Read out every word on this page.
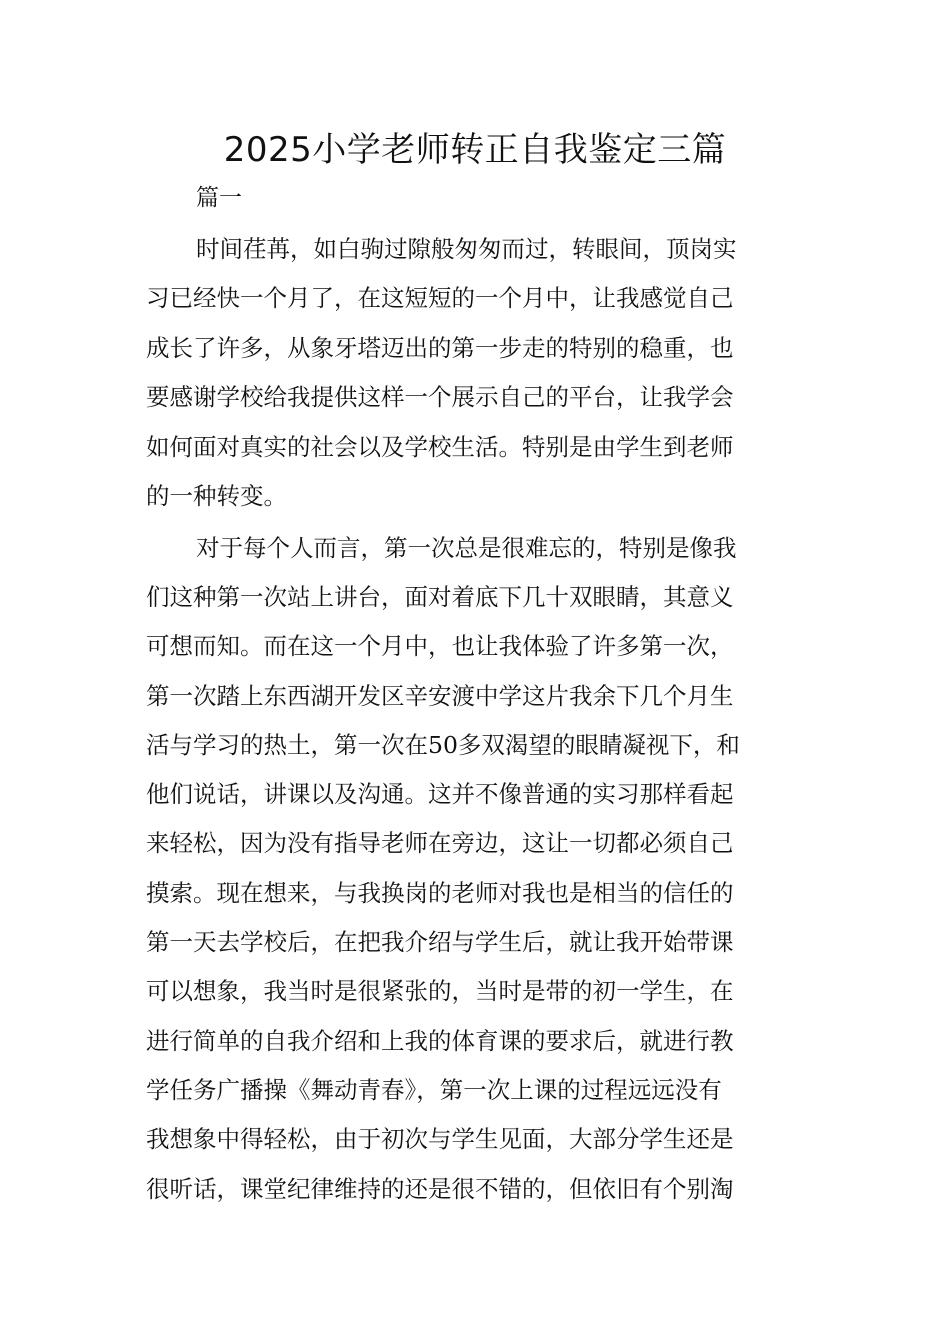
2025小学老师转正自我鉴定三篇
篇一
时间荏苒，如白驹过隙般匆匆而过，转眼间，顶岗实
习已经快一个月了，在这短短的一个月中，让我感觉自己
成长了许多，从象牙塔迈出的第一步走的特别的稳重，也
要感谢学校给我提供这样一个展示自己的平台，让我学会
如何面对真实的社会以及学校生活。特别是由学生到老师
的一种转变。
对于每个人而言，第一次总是很难忘的，特别是像我
们这种第一次站上讲台，面对着底下几十双眼睛，其意义
可想而知。而在这一个月中，也让我体验了许多第一次，
第一次踏上东西湖开发区辛安渡中学这片我余下几个月生
活与学习的热土，第一次在50多双渴望的眼睛凝视下，和
他们说话，讲课以及沟通。这并不像普通的实习那样看起
来轻松，因为没有指导老师在旁边，这让一切都必须自己
摸索。现在想来，与我换岗的老师对我也是相当的信任的
第一天去学校后，在把我介绍与学生后，就让我开始带课
可以想象，我当时是很紧张的，当时是带的初一学生，在
进行简单的自我介绍和上我的体育课的要求后，就进行教
学任务广播操《舞动青春》，第一次上课的过程远远没有
我想象中得轻松，由于初次与学生见面，大部分学生还是
很听话，课堂纪律维持的还是很不错的，但依旧有个别淘
